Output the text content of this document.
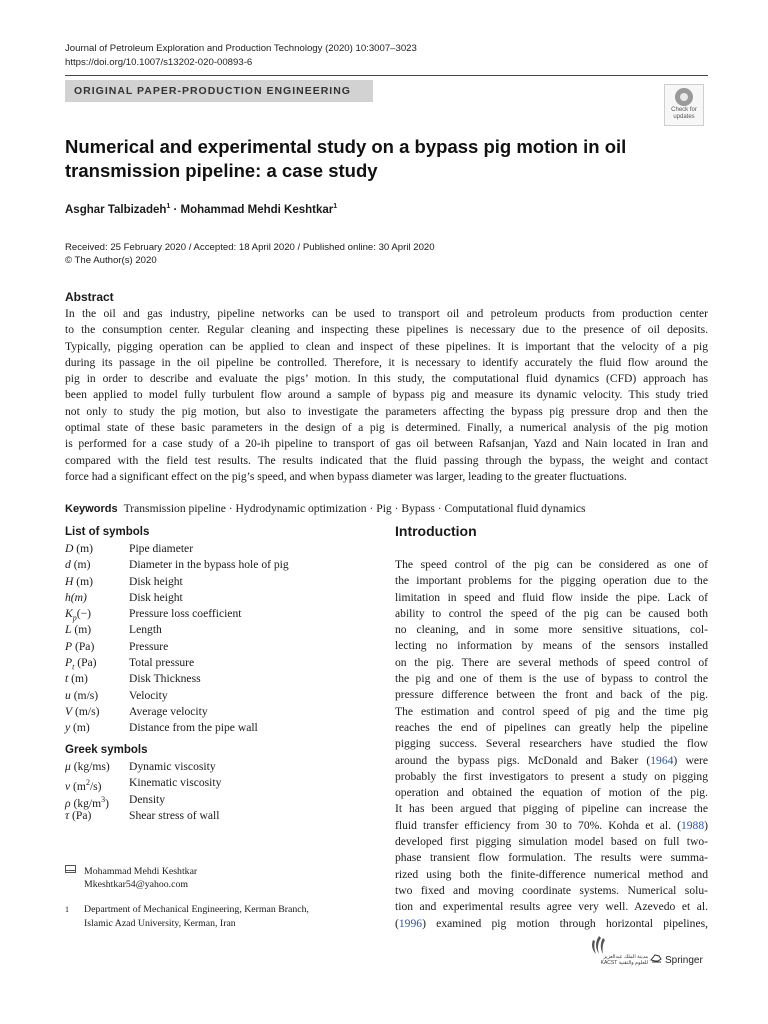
Journal of Petroleum Exploration and Production Technology (2020) 10:3007–3023
https://doi.org/10.1007/s13202-020-00893-6
ORIGINAL PAPER-PRODUCTION ENGINEERING
Check for
updates
Numerical and experimental study on a bypass pig motion in oil
transmission pipeline: a case study
Asghar Talbizadeh$^1$ · Mohammad Mehdi Keshtkar$^1$
Received: 25 February 2020 / Accepted: 18 April 2020 / Published online: 30 April 2020
© The Author(s) 2020
Abstract
In the oil and gas industry, pipeline networks can be used to transport oil and petroleum products from production center
to the consumption center. Regular cleaning and inspecting these pipelines is necessary due to the presence of oil deposits.
Typically, pigging operation can be applied to clean and inspect of these pipelines. It is important that the velocity of a pig
during its passage in the oil pipeline be controlled. Therefore, it is necessary to identify accurately the fluid flow around the
pig in order to describe and evaluate the pigs’ motion. In this study, the computational fluid dynamics (CFD) approach has
been applied to model fully turbulent flow around a sample of bypass pig and measure its dynamic velocity. This study tried
not only to study the pig motion, but also to investigate the parameters affecting the bypass pig pressure drop and then the
optimal state of these basic parameters in the design of a pig is determined. Finally, a numerical analysis of the pig motion
is performed for a case study of a 20-ih pipeline to transport of gas oil between Rafsanjan, Yazd and Nain located in Iran and
compared with the field test results. The results indicated that the fluid passing through the bypass, the weight and contact
force had a significant effect on the pig’s speed, and when bypass diameter was larger, leading to the greater fluctuations.
Keywords Transmission pipeline · Hydrodynamic optimization · Pig · Bypass · Computational fluid dynamics
List of symbols
D (m)	Pipe diameter
d (m)	Diameter in the bypass hole of pig
H (m)	Disk height
h(m)	Disk height
$K_p(-)$	Pressure loss coefficient
L (m)	Length
P (Pa)	Pressure
$P_t$ (Pa)	Total pressure
t (m)	Disk Thickness
u (m/s)	Velocity
V (m/s)	Average velocity
y (m)	Distance from the pipe wall
Greek symbols
μ (kg/ms)	Dynamic viscosity
ν $(m^2/s)$	Kinematic viscosity
ρ $(kg/m^3)$	Density
τ (Pa)	Shear stress of wall
Mohammad Mehdi Keshtkar
Mkeshtkar54@yahoo.com
1 Department of Mechanical Engineering, Kerman Branch,
Islamic Azad University, Kerman, Iran
Introduction
The speed control of the pig can be considered as one of
the important problems for the pigging operation due to the
limitation in speed and fluid flow inside the pipe. Lack of
ability to control the speed of the pig can be caused both
no cleaning, and in some more sensitive situations, col-
lecting no information by means of the sensors installed
on the pig. There are several methods of speed control of
the pig and one of them is the use of bypass to control the
pressure difference between the front and back of the pig.
The estimation and control speed of pig and the time pig
reaches the end of pipelines can greatly help the pipeline
pigging success. Several researchers have studied the flow
around the bypass pigs. McDonald and Baker (1964) were
probably the first investigators to present a study on pigging
operation and obtained the equation of motion of the pig.
It has been argued that pigging of pipeline can increase the
fluid transfer efficiency from 30 to 70%. Kohda et al. (1988)
developed first pigging simulation model based on full two-
phase transient flow formulation. The results were summa-
rized using both the finite-difference numerical method and
two fixed and moving coordinate systems. Numerical solu-
tion and experimental results agree very well. Azevedo et al.
(1996) examined pig motion through horizontal pipelines,
مدينة الملك عبدالعزيز
KACST للعلوم والتقنية Springer
